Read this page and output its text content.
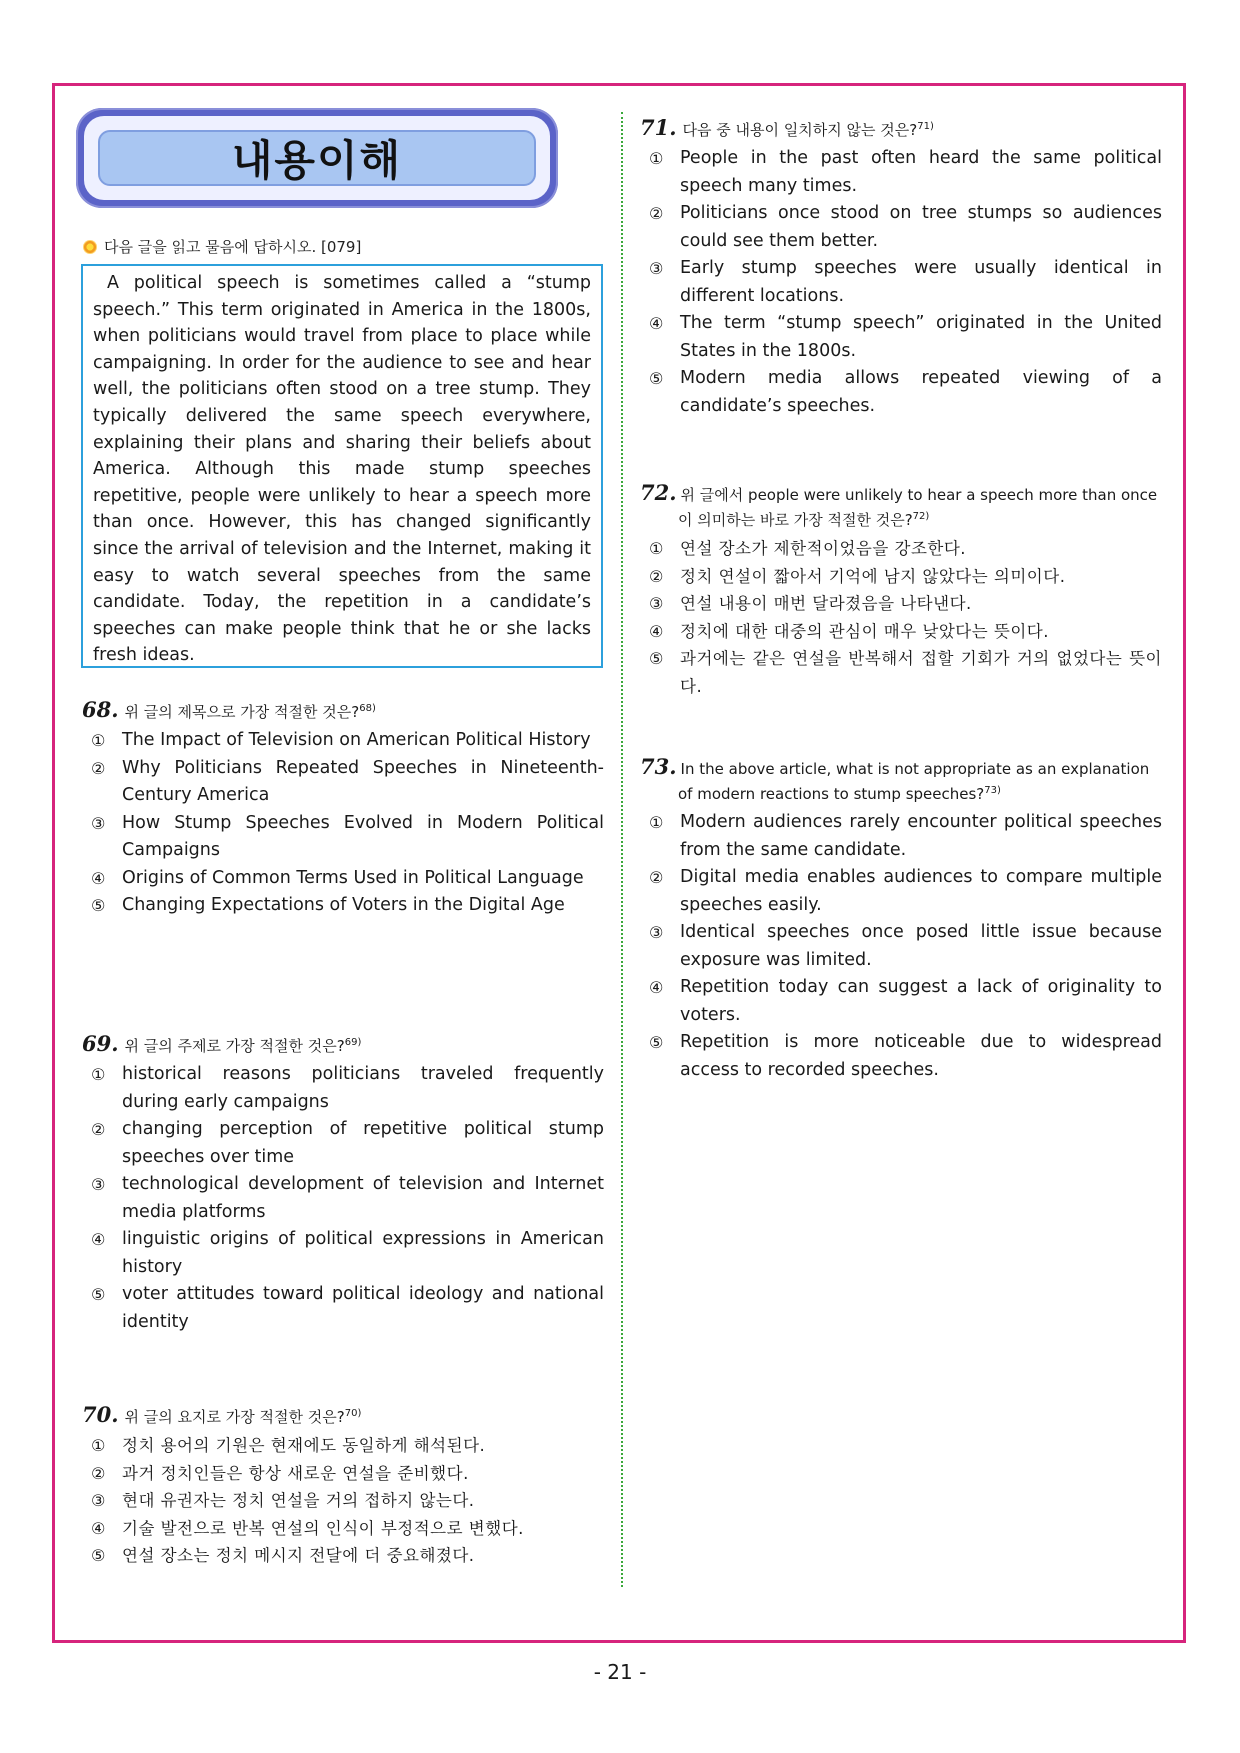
내용이해
다음 글을 읽고 물음에 답하시오. [079]
A political speech is sometimes called a “stump speech.” This term originated in America in the 1800s, when politicians would travel from place to place while campaigning. In order for the audience to see and hear well, the politicians often stood on a tree stump. They typically delivered the same speech everywhere, explaining their plans and sharing their beliefs about America. Although this made stump speeches repetitive, people were unlikely to hear a speech more than once. However, this has changed significantly since the arrival of television and the Internet, making it easy to watch several speeches from the same candidate. Today, the repetition in a candidate’s speeches can make people think that he or she lacks fresh ideas.
68. 위 글의 제목으로 가장 적절한 것은?$^{68)}$
① The Impact of Television on American Political History
② Why Politicians Repeated Speeches in Nineteenth-Century America
③ How Stump Speeches Evolved in Modern Political Campaigns
④ Origins of Common Terms Used in Political Language
⑤ Changing Expectations of Voters in the Digital Age
69. 위 글의 주제로 가장 적절한 것은?$^{69)}$
① historical reasons politicians traveled frequently during early campaigns
② changing perception of repetitive political stump speeches over time
③ technological development of television and Internet media platforms
④ linguistic origins of political expressions in American history
⑤ voter attitudes toward political ideology and national identity
70. 위 글의 요지로 가장 적절한 것은?$^{70)}$
① 정치 용어의 기원은 현재에도 동일하게 해석된다.
② 과거 정치인들은 항상 새로운 연설을 준비했다.
③ 현대 유권자는 정치 연설을 거의 접하지 않는다.
④ 기술 발전으로 반복 연설의 인식이 부정적으로 변했다.
⑤ 연설 장소는 정치 메시지 전달에 더 중요해졌다.
71. 다음 중 내용이 일치하지 않는 것은?$^{71)}$
① People in the past often heard the same political speech many times.
② Politicians once stood on tree stumps so audiences could see them better.
③ Early stump speeches were usually identical in different locations.
④ The term “stump speech” originated in the United States in the 1800s.
⑤ Modern media allows repeated viewing of a candidate’s speeches.
72. 위 글에서 people were unlikely to hear a speech more than once 이 의미하는 바로 가장 적절한 것은?$^{72)}$
① 연설 장소가 제한적이었음을 강조한다.
② 정치 연설이 짧아서 기억에 남지 않았다는 의미이다.
③ 연설 내용이 매번 달라졌음을 나타낸다.
④ 정치에 대한 대중의 관심이 매우 낮았다는 뜻이다.
⑤ 과거에는 같은 연설을 반복해서 접할 기회가 거의 없었다는 뜻이다.
73. In the above article, what is not appropriate as an explanation of modern reactions to stump speeches?$^{73)}$
① Modern audiences rarely encounter political speeches from the same candidate.
② Digital media enables audiences to compare multiple speeches easily.
③ Identical speeches once posed little issue because exposure was limited.
④ Repetition today can suggest a lack of originality to voters.
⑤ Repetition is more noticeable due to widespread access to recorded speeches.
- 21 -
